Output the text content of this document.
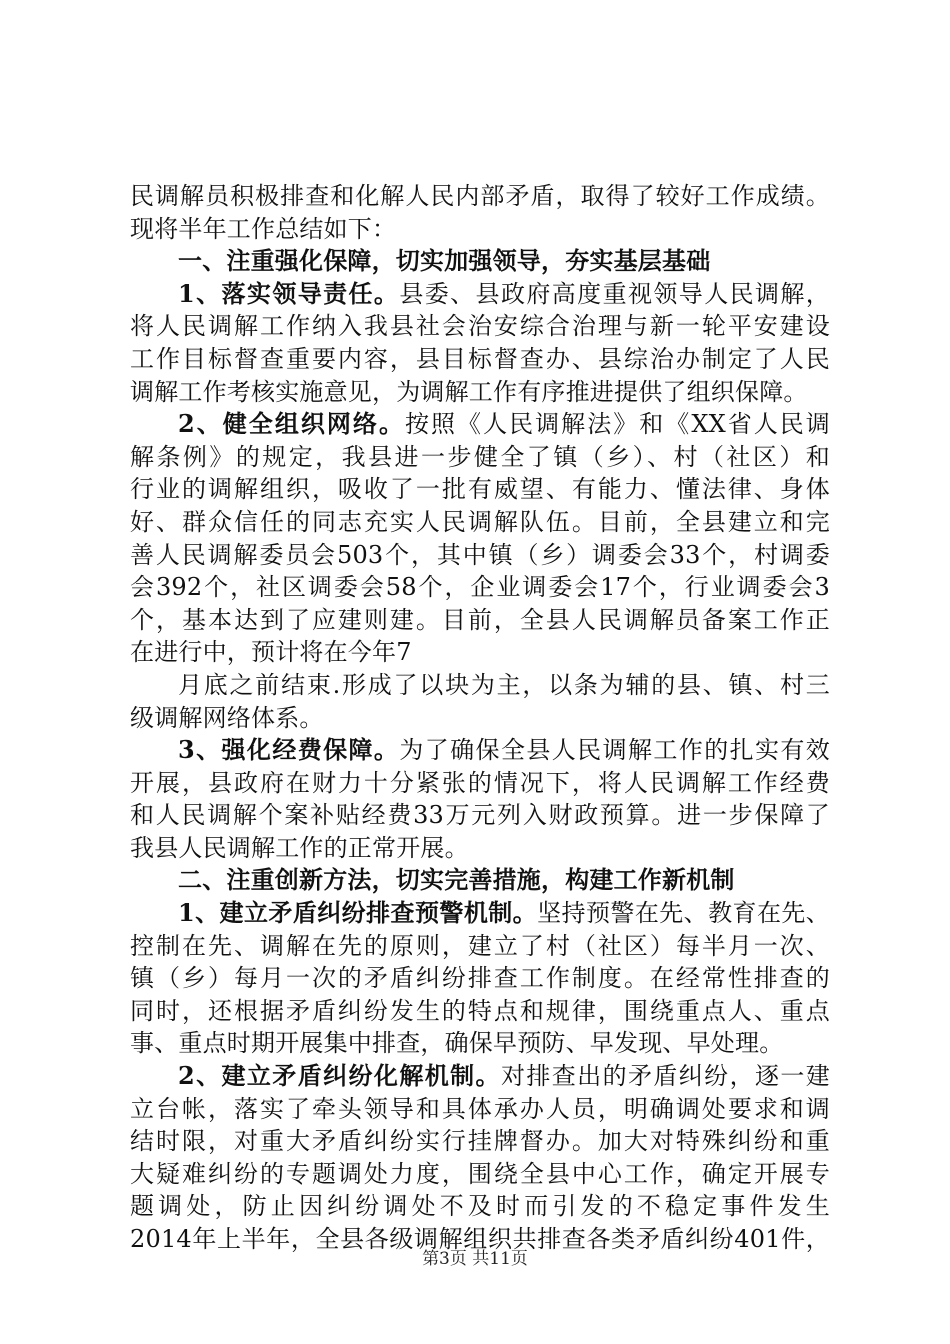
民调解员积极排查和化解人民内部矛盾，取得了较好工作成绩。
现将半年工作总结如下：
一、注重强化保障，切实加强领导，夯实基层基础
1、落实领导责任。县委、县政府高度重视领导人民调解，
将人民调解工作纳入我县社会治安综合治理与新一轮平安建设
工作目标督查重要内容，县目标督查办、县综治办制定了人民
调解工作考核实施意见，为调解工作有序推进提供了组织保障。
2、健全组织网络。按照《人民调解法》和《XX省人民调
解条例》的规定，我县进一步健全了镇（乡）、村（社区）和
行业的调解组织，吸收了一批有威望、有能力、懂法律、身体
好、群众信任的同志充实人民调解队伍。目前，全县建立和完
善人民调解委员会503个，其中镇（乡）调委会33个，村调委
会392个，社区调委会58个，企业调委会17个，行业调委会3
个，基本达到了应建则建。目前，全县人民调解员备案工作正
在进行中，预计将在今年7
月底之前结束.形成了以块为主，以条为辅的县、镇、村三
级调解网络体系。
3、强化经费保障。为了确保全县人民调解工作的扎实有效
开展，县政府在财力十分紧张的情况下，将人民调解工作经费
和人民调解个案补贴经费33万元列入财政预算。进一步保障了
我县人民调解工作的正常开展。
二、注重创新方法，切实完善措施，构建工作新机制
1、建立矛盾纠纷排查预警机制。坚持预警在先、教育在先、
控制在先、调解在先的原则，建立了村（社区）每半月一次、
镇（乡）每月一次的矛盾纠纷排查工作制度。在经常性排查的
同时，还根据矛盾纠纷发生的特点和规律，围绕重点人、重点
事、重点时期开展集中排查，确保早预防、早发现、早处理。
2、建立矛盾纠纷化解机制。对排查出的矛盾纠纷，逐一建
立台帐，落实了牵头领导和具体承办人员，明确调处要求和调
结时限，对重大矛盾纠纷实行挂牌督办。加大对特殊纠纷和重
大疑难纠纷的专题调处力度，围绕全县中心工作，确定开展专
题调处，防止因纠纷调处不及时而引发的不稳定事件发生
2014年上半年，全县各级调解组织共排查各类矛盾纠纷401件，
第3页 共11页
